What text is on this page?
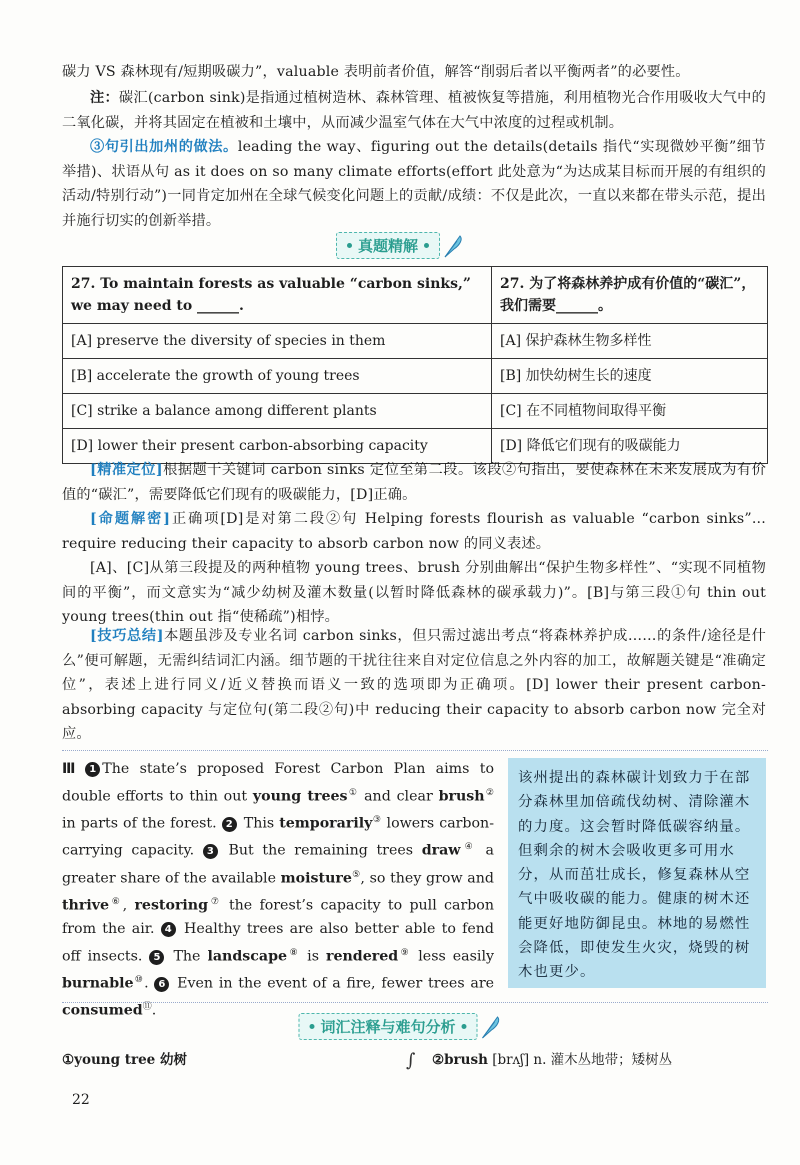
碳力 VS 森林现有/短期吸碳力”，valuable 表明前者价值，解答“削弱后者以平衡两者”的必要性。

注：碳汇(carbon sink)是指通过植树造林、森林管理、植被恢复等措施，利用植物光合作用吸收大气中的二氧化碳，并将其固定在植被和土壤中，从而减少温室气体在大气中浓度的过程或机制。

③句引出加州的做法。leading the way、figuring out the details(details 指代“实现微妙平衡”细节举措)、状语从句 as it does on so many climate efforts(effort 此处意为“为达成某目标而开展的有组织的活动/特别行动”)一同肯定加州在全球气候变化问题上的贡献/成绩：不仅是此次，一直以来都在带头示范，提出并施行切实的创新举措。

真题精解
27. To maintain forests as valuable “carbon sinks,” we may need to ______.	27. 为了将森林养护成有价值的“碳汇”，我们需要______。
[A] preserve the diversity of species in them	[A] 保护森林生物多样性
[B] accelerate the growth of young trees	[B] 加快幼树生长的速度
[C] strike a balance among different plants	[C] 在不同植物间取得平衡
[D] lower their present carbon-absorbing capacity	[D] 降低它们现有的吸碳能力

[精准定位]根据题干关键词 carbon sinks 定位至第二段。该段②句指出，要使森林在未来发展成为有价值的“碳汇”，需要降低它们现有的吸碳能力，[D]正确。

[命题解密]正确项[D]是对第二段②句 Helping forests flourish as valuable “carbon sinks”... require reducing their capacity to absorb carbon now 的同义表述。

[A]、[C]从第三段提及的两种植物 young trees、brush 分别曲解出“保护生物多样性”、“实现不同植物间的平衡”，而文意实为“减少幼树及灌木数量(以暂时降低森林的碳承载力)”。[B]与第三段①句 thin out young trees(thin out 指“使稀疏”)相悖。

[技巧总结]本题虽涉及专业名词 carbon sinks，但只需过滤出考点“将森林养护成……的条件/途径是什么”便可解题，无需纠结词汇内涵。细节题的干扰往往来自对定位信息之外内容的加工，故解题关键是“准确定位”，表述上进行同义/近义替换而语义一致的选项即为正确项。[D] lower their present carbon-absorbing capacity 与定位句(第二段②句)中 reducing their capacity to absorb carbon now 完全对应。

Ⅲ 1 The state’s proposed Forest Carbon Plan aims to double efforts to thin out young trees① and clear brush② in parts of the forest. 2 This temporarily③ lowers carbon-carrying capacity. 3 But the remaining trees draw④ a greater share of the available moisture⑤, so they grow and thrive⑥, restoring⑦ the forest’s capacity to pull carbon from the air. 4 Healthy trees are also better able to fend off insects. 5 The landscape⑧ is rendered⑨ less easily burnable⑩. 6 Even in the event of a fire, fewer trees are consumed⑪.
该州提出的森林碳计划致力于在部分森林里加倍疏伐幼树、清除灌木的力度。这会暂时降低碳容纳量。但剩余的树木会吸收更多可用水分，从而茁壮成长，修复森林从空气中吸收碳的能力。健康的树木还能更好地防御昆虫。林地的易燃性会降低，即使发生火灾，烧毁的树木也更少。
词汇注释与难句分析
①young tree 幼树	∫ ②brush [brʌʃ] n. 灌木丛地带；矮树丛
22
